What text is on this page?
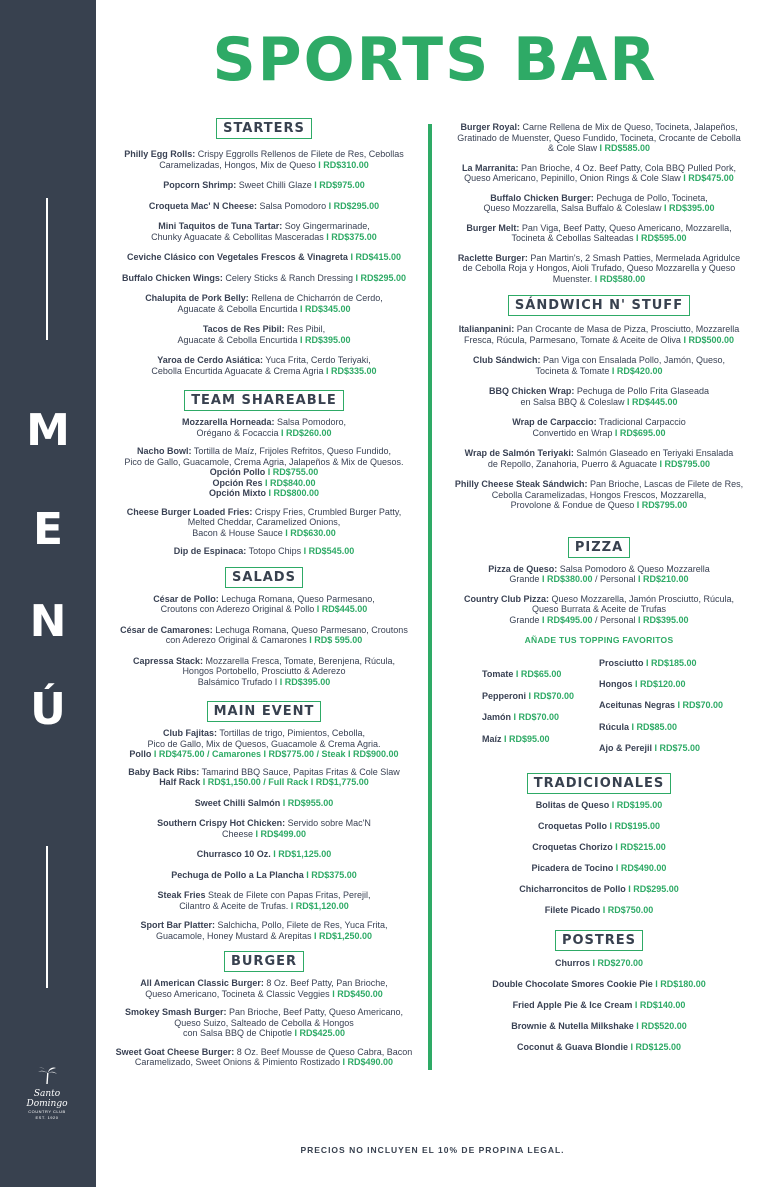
M
E
N
Ú
Santo Domingo
COUNTRY CLUB
EST. 1920
SPORTS BAR
STARTERS
Philly Egg Rolls: Crispy Eggrolls Rellenos de Filete de Res, Cebollas
Caramelizadas, Hongos, Mix de Queso I RD$310.00
Popcorn Shrimp: Sweet Chilli Glaze I RD$975.00
Croqueta Mac' N Cheese: Salsa Pomodoro I RD$295.00
Mini Taquitos de Tuna Tartar: Soy Gingermarinade,
Chunky Aguacate & Cebollitas Masceradas I RD$375.00
Ceviche Clásico con Vegetales Frescos & Vinagreta I RD$415.00
Buffalo Chicken Wings: Celery Sticks & Ranch Dressing I RD$295.00
Chalupita de Pork Belly: Rellena de Chicharrón de Cerdo,
Aguacate & Cebolla Encurtida I RD$345.00
Tacos de Res Pibil: Res Pibil,
Aguacate & Cebolla Encurtida I RD$395.00
Yaroa de Cerdo Asiática: Yuca Frita, Cerdo Teriyaki,
Cebolla Encurtida Aguacate & Crema Agria I RD$335.00
TEAM SHAREABLE
Mozzarella Horneada: Salsa Pomodoro,
Orégano & Focaccia I RD$260.00
Nacho Bowl: Tortilla de Maíz, Frijoles Refritos, Queso Fundido,
Pico de Gallo, Guacamole, Crema Agria, Jalapeños & Mix de Quesos.
Opción Pollo I RD$755.00
Opción Res I RD$840.00
Opción Mixto I RD$800.00
Cheese Burger Loaded Fries: Crispy Fries, Crumbled Burger Patty,
Melted Cheddar, Caramelized Onions,
Bacon & House Sauce I RD$630.00
Dip de Espinaca: Totopo Chips I RD$545.00
SALADS
César de Pollo: Lechuga Romana, Queso Parmesano,
Croutons con Aderezo Original & Pollo I RD$445.00
César de Camarones: Lechuga Romana, Queso Parmesano, Croutons
con Aderezo Original & Camarones I RD$ 595.00
Capressa Stack: Mozzarella Fresca, Tomate, Berenjena, Rúcula,
Hongos Portobello, Prosciutto & Aderezo
Balsámico Trufado I I RD$395.00
MAIN EVENT
Club Fajitas: Tortillas de trigo, Pimientos, Cebolla,
Pico de Gallo, Mix de Quesos, Guacamole & Crema Agria.
Pollo I RD$475.00 / Camarones I RD$775.00 / Steak I RD$900.00
Baby Back Ribs: Tamarind BBQ Sauce, Papitas Fritas & Cole Slaw
Half Rack I RD$1,150.00 / Full Rack I RD$1,775.00
Sweet Chilli Salmón I RD$955.00
Southern Crispy Hot Chicken: Servido sobre Mac'N
Cheese I RD$499.00
Churrasco 10 Oz. I RD$1,125.00
Pechuga de Pollo a La Plancha I RD$375.00
Steak Fries Steak de Filete con Papas Fritas, Perejil,
Cilantro & Aceite de Trufas. I RD$1,120.00
Sport Bar Platter: Salchicha, Pollo, Filete de Res, Yuca Frita,
Guacamole, Honey Mustard & Arepitas I RD$1,250.00
BURGER
All American Classic Burger: 8 Oz. Beef Patty, Pan Brioche,
Queso Americano, Tocineta & Classic Veggies I RD$450.00
Smokey Smash Burger: Pan Brioche, Beef Patty, Queso Americano,
Queso Suizo, Salteado de Cebolla & Hongos
con Salsa BBQ de Chipotle I RD$425.00
Sweet Goat Cheese Burger: 8 Oz. Beef Mousse de Queso Cabra, Bacon
Caramelizado, Sweet Onions & Pimiento Rostizado I RD$490.00
Burger Royal: Carne Rellena de Mix de Queso, Tocineta, Jalapeños,
Gratinado de Muenster, Queso Fundido, Tocineta, Crocante de Cebolla
& Cole Slaw I RD$585.00
La Marranita: Pan Brioche, 4 Oz. Beef Patty, Cola BBQ Pulled Pork,
Queso Americano, Pepinillo, Onion Rings & Cole Slaw I RD$475.00
Buffalo Chicken Burger: Pechuga de Pollo, Tocineta,
Queso Mozzarella, Salsa Buffalo & Coleslaw I RD$395.00
Burger Melt: Pan Viga, Beef Patty, Queso Americano, Mozzarella,
Tocineta & Cebollas Salteadas I RD$595.00
Raclette Burger: Pan Martin's, 2 Smash Patties, Mermelada Agridulce
de Cebolla Roja y Hongos, Aioli Trufado, Queso Mozzarella y Queso
Muenster. I RD$580.00
SÁNDWICH N' STUFF
Italianpanini: Pan Crocante de Masa de Pizza, Prosciutto, Mozzarella
Fresca, Rúcula, Parmesano, Tomate & Aceite de Oliva I RD$500.00
Club Sándwich: Pan Viga con Ensalada Pollo, Jamón, Queso,
Tocineta & Tomate I RD$420.00
BBQ Chicken Wrap: Pechuga de Pollo Frita Glaseada
en Salsa BBQ & Coleslaw I RD$445.00
Wrap de Carpaccio: Tradicional Carpaccio
Convertido en Wrap I RD$695.00
Wrap de Salmón Teriyaki: Salmón Glaseado en Teriyaki Ensalada
de Repollo, Zanahoria, Puerro & Aguacate I RD$795.00
Philly Cheese Steak Sándwich: Pan Brioche, Lascas de Filete de Res,
Cebolla Caramelizadas, Hongos Frescos, Mozzarella,
Provolone & Fondue de Queso I RD$795.00
PIZZA
Pizza de Queso: Salsa Pomodoro & Queso Mozzarella
Grande I RD$380.00 / Personal I RD$210.00
Country Club Pizza: Queso Mozzarella, Jamón Prosciutto, Rúcula,
Queso Burrata & Aceite de Trufas
Grande I RD$495.00 / Personal I RD$395.00
AÑADE TUS TOPPING FAVORITOS
Tomate I RD$65.00
Pepperoni I RD$70.00
Jamón I RD$70.00
Maíz I RD$95.00
Prosciutto I RD$185.00
Hongos I RD$120.00
Aceitunas Negras I RD$70.00
Rúcula I RD$85.00
Ajo & Perejil I RD$75.00
TRADICIONALES
Bolitas de Queso I RD$195.00
Croquetas Pollo I RD$195.00
Croquetas Chorizo I RD$215.00
Picadera de Tocino I RD$490.00
Chicharroncitos de Pollo I RD$295.00
Filete Picado I RD$750.00
POSTRES
Churros I RD$270.00
Double Chocolate Smores Cookie Pie I RD$180.00
Fried Apple Pie & Ice Cream I RD$140.00
Brownie & Nutella Milkshake I RD$520.00
Coconut & Guava Blondie I RD$125.00
PRECIOS NO INCLUYEN EL 10% DE PROPINA LEGAL.
